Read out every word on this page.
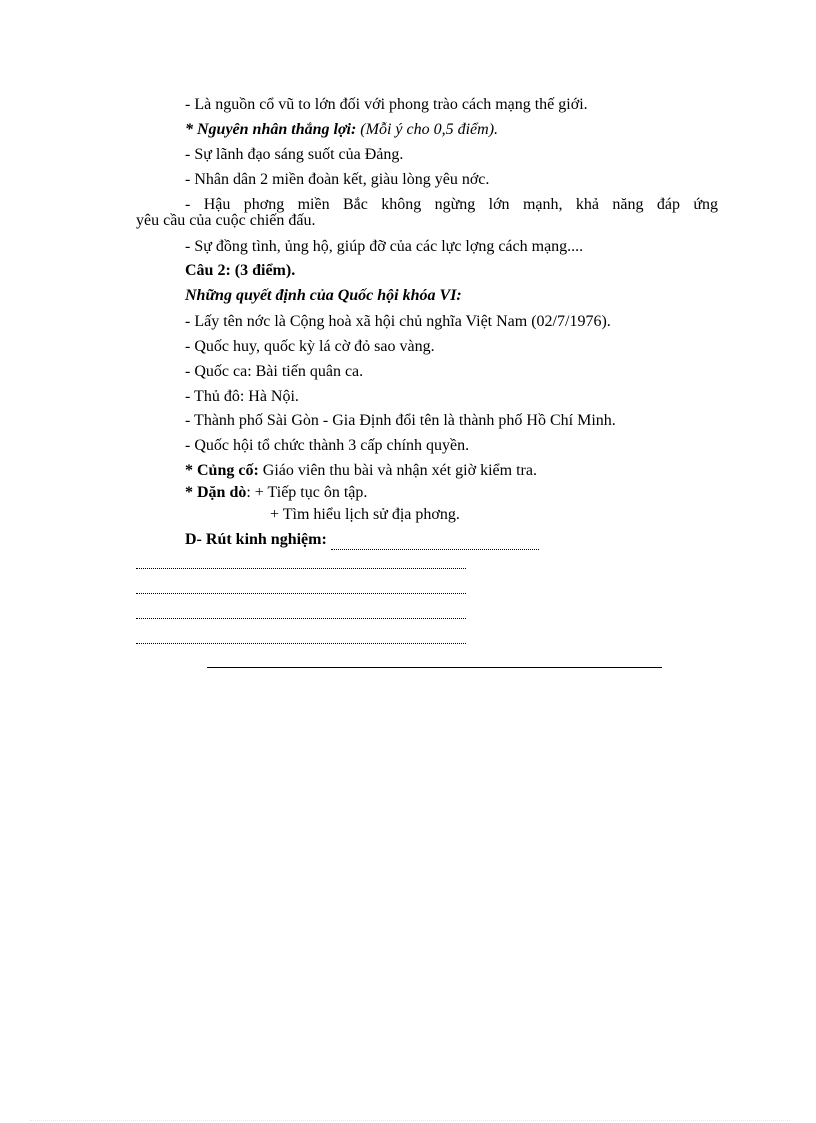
- Là nguồn cổ vũ to lớn đối với phong trào cách mạng thế giới.
* Nguyên nhân thắng lợi: (Mỗi ý cho 0,5 điểm).
- Sự lãnh đạo sáng suốt của Đảng.
- Nhân dân 2 miền đoàn kết, giàu lòng yêu nớc.
- Hậu phơng miền Bắc không ngừng lớn mạnh, khả năng đáp ứng
yêu cầu của cuộc chiến đấu.
- Sự đồng tình, ủng hộ, giúp đỡ của các lực lợng cách mạng....
Câu 2: (3 điểm).
Những quyết định của Quốc hội khóa VI:
- Lấy tên nớc là Cộng hoà xã hội chủ nghĩa Việt Nam (02/7/1976).
- Quốc huy, quốc kỳ lá cờ đỏ sao vàng.
- Quốc ca: Bài tiến quân ca.
- Thủ đô: Hà Nội.
- Thành phố Sài Gòn - Gia Định đổi tên là thành phố Hồ Chí Minh.
- Quốc hội tổ chức thành 3 cấp chính quyền.
* Củng cố: Giáo viên thu bài và nhận xét giờ kiểm tra.
* Dặn dò: + Tiếp tục ôn tập.
+ Tìm hiểu lịch sử địa phơng.
D- Rút kinh nghiệm:
